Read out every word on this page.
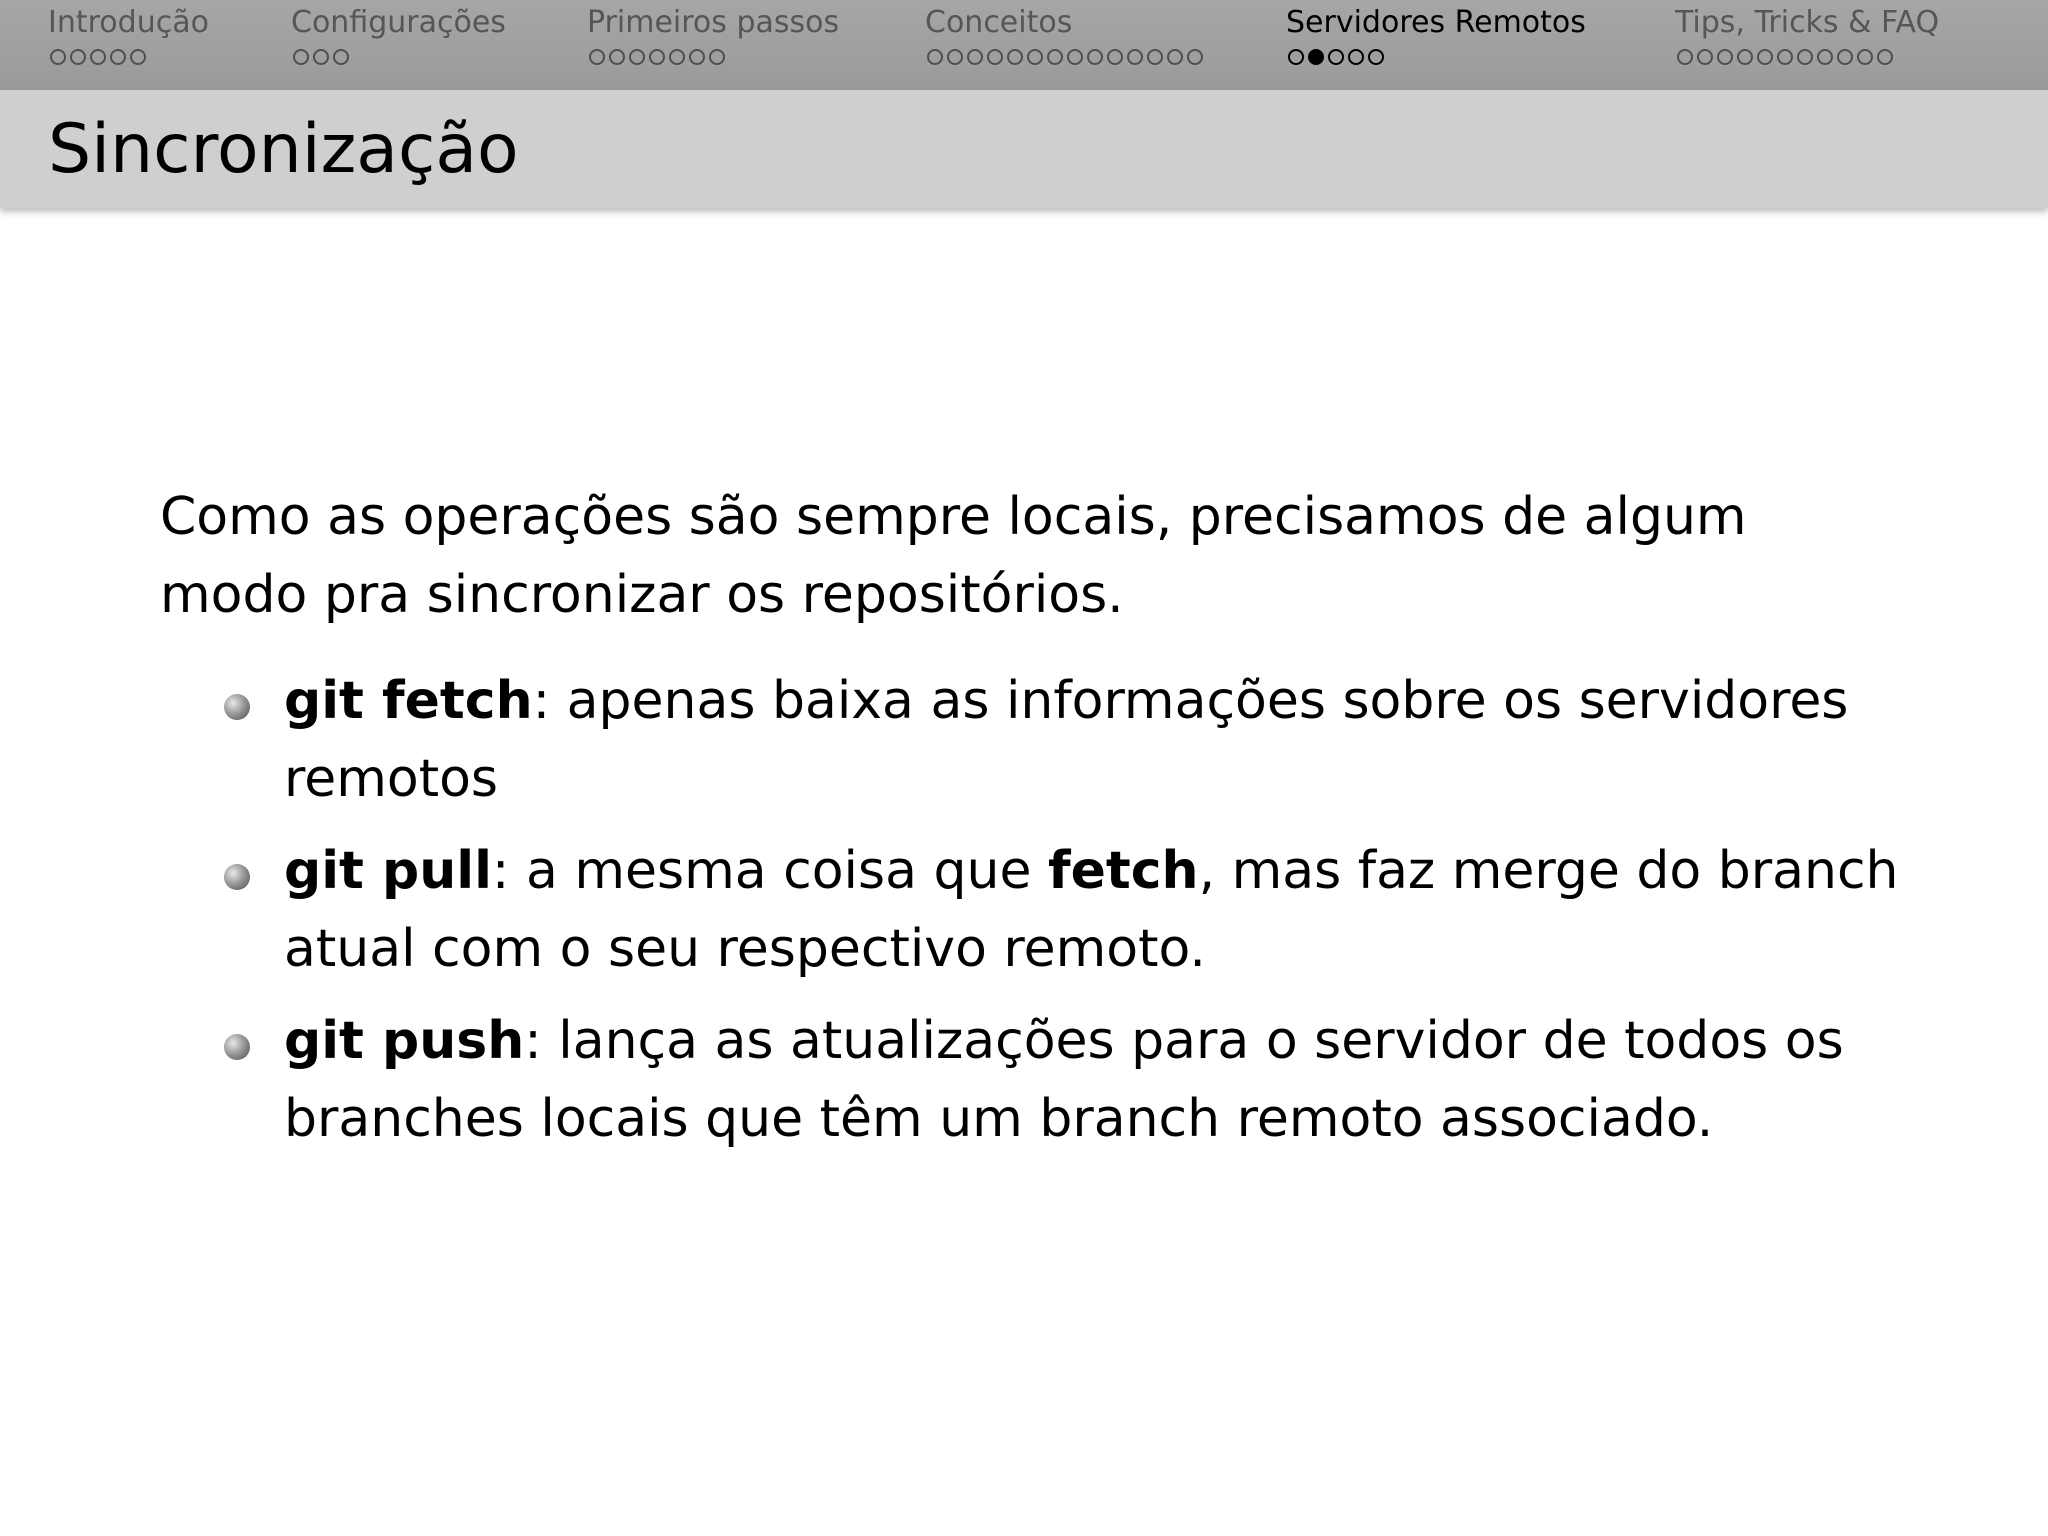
Introdução	Configurações	Primeiros passos	Conceitos	Servidores Remotos	Tips, Tricks & FAQ
Sincronização

Como as operações são sempre locais, precisamos de algum modo pra sincronizar os repositórios.

git fetch: apenas baixa as informações sobre os servidores remotos
git pull: a mesma coisa que fetch, mas faz merge do branch atual com o seu respectivo remoto.
git push: lança as atualizações para o servidor de todos os branches locais que têm um branch remoto associado.
